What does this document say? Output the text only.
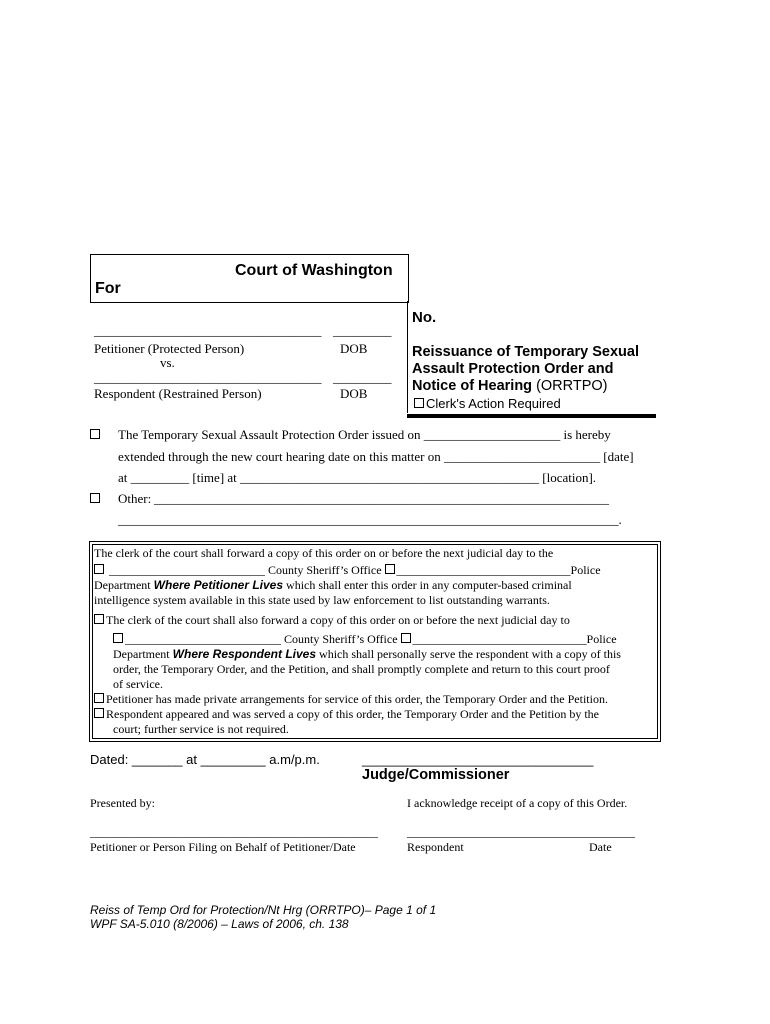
Court of Washington
For
No.
___________________________________ _________
Petitioner (Protected Person)	DOB
vs.
___________________________________ _________
Respondent (Restrained Person)	DOB
Reissuance of Temporary Sexual
Assault Protection Order and
Notice of Hearing (ORRTPO)
Clerk's Action Required
The Temporary Sexual Assault Protection Order issued on _____________________ is hereby
extended through the new court hearing date on this matter on ________________________ [date]
at _________ [time] at ______________________________________________ [location].
Other: ______________________________________________________________________
_____________________________________________________________________________.
The clerk of the court shall forward a copy of this order on or before the next judicial day to the
__________________________ County Sheriff’s Office _____________________________Police
Department Where Petitioner Lives which shall enter this order in any computer-based criminal
intelligence system available in this state used by law enforcement to list outstanding warrants.
The clerk of the court shall also forward a copy of this order on or before the next judicial day to
__________________________ County Sheriff’s Office _____________________________Police
Department Where Respondent Lives which shall personally serve the respondent with a copy of this
order, the Temporary Order, and the Petition, and shall promptly complete and return to this court proof
of service.
Petitioner has made private arrangements for service of this order, the Temporary Order and the Petition.
Respondent appeared and was served a copy of this order, the Temporary Order and the Petition by the
court; further service is not required.
Dated: _______ at _________ a.m/p.m.	________________________________
Judge/Commissioner
Presented by:	I acknowledge receipt of a copy of this Order.
________________________________________________ ______________________________________
Petitioner or Person Filing on Behalf of Petitioner/Date	Respondent	Date
Reiss of Temp Ord for Protection/Nt Hrg (ORRTPO)– Page 1 of 1
WPF SA-5.010 (8/2006) – Laws of 2006, ch. 138
